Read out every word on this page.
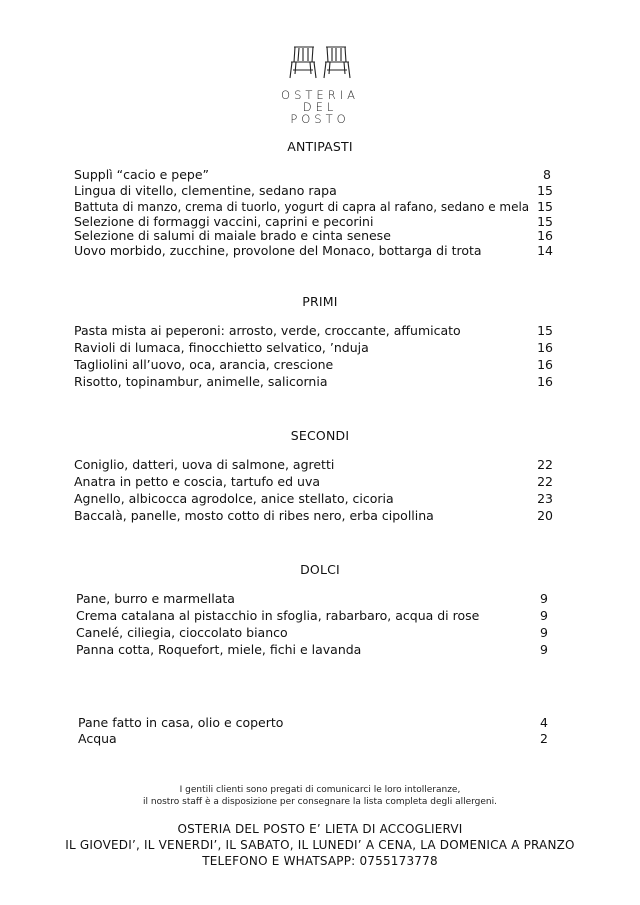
OSTERIA
DEL
POSTO
ANTIPASTI
Supplì “cacio e pepe”	8
Lingua di vitello, clementine, sedano rapa	15
Battuta di manzo, crema di tuorlo, yogurt di capra al rafano, sedano e mela 15
Selezione di formaggi vaccini, caprini e pecorini	15
Selezione di salumi di maiale brado e cinta senese	16
Uovo morbido, zucchine, provolone del Monaco, bottarga di trota	14
PRIMI
Pasta mista ai peperoni: arrosto, verde, croccante, affumicato	15
Ravioli di lumaca, finocchietto selvatico, ’nduja	16
Tagliolini all’uovo, oca, arancia, crescione	16
Risotto, topinambur, animelle, salicornia	16
SECONDI
Coniglio, datteri, uova di salmone, agretti	22
Anatra in petto e coscia, tartufo ed uva	22
Agnello, albicocca agrodolce, anice stellato, cicoria	23
Baccalà, panelle, mosto cotto di ribes nero, erba cipollina	20
DOLCI
Pane, burro e marmellata	9
Crema catalana al pistacchio in sfoglia, rabarbaro, acqua di rose	9
Canelé, ciliegia, cioccolato bianco	9
Panna cotta, Roquefort, miele, fichi e lavanda	9
Pane fatto in casa, olio e coperto	4
Acqua	2
I gentili clienti sono pregati di comunicarci le loro intolleranze,
il nostro staff è a disposizione per consegnare la lista completa degli allergeni.
OSTERIA DEL POSTO E’ LIETA DI ACCOGLIERVI
IL GIOVEDI’, IL VENERDI’, IL SABATO, IL LUNEDI’ A CENA, LA DOMENICA A PRANZO
TELEFONO E WHATSAPP: 0755173778
